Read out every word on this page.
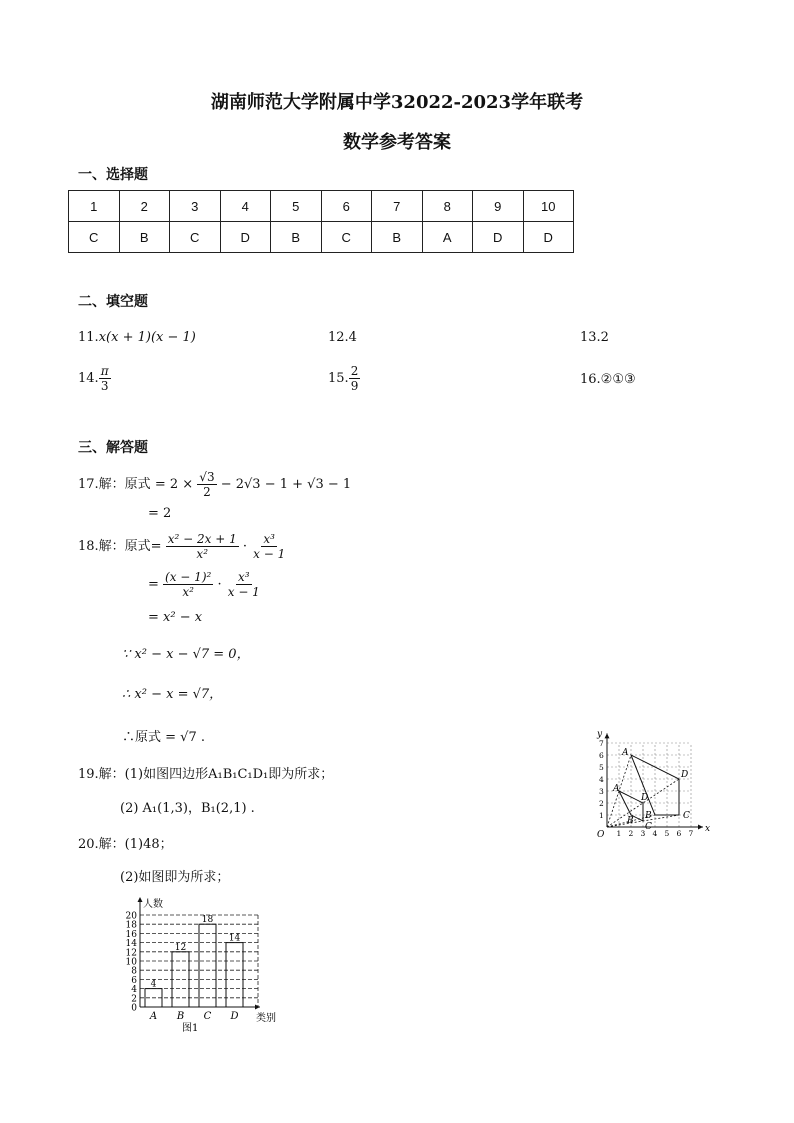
湖南师范大学附属中学32022-2023学年联考
数学参考答案
一、选择题
1	2	3	4	5	6	7	8	9	10
C	B	C	D	B	C	B	A	D	D
二、填空题
11.x(x + 1)(x − 1)	12.4	13.2
14. $\frac{\pi}{3}$	15. $\frac{2}{9}$	16.②①③
三、解答题
17.解：原式 = $2 \times \frac{√3}{2} - 2√3 - 1 + √3 - 1$
= 2
18.解：原式= $\frac{\text{x² − 2x + 1}}{\text{x²}} \cdot \frac{\text{x³}}{x - 1}$
= $\frac{\text{(x − 1)²}}{\text{x²}} \cdot \frac{\text{x³}}{x - 1}$
= x² − x
∵ x² − x − √7 = 0，
∴ x² − x = √7，
∴原式 = √7 .
19.解：(1)如图四边形A₁B₁C₁D₁即为所求；
(2) A₁(1,3)，B₁(2,1) .
20.解：(1)48；
(2)如图即为所求；
x
y
O 1 2 3 4 5 6 7
1
2
3
4
5
6
7
A
B	C
D
A
B
C
D
0
2
4
6
8
10
12
14
16
18
20
人数
类别
图1
4
A
12
B
18
C
14
D
